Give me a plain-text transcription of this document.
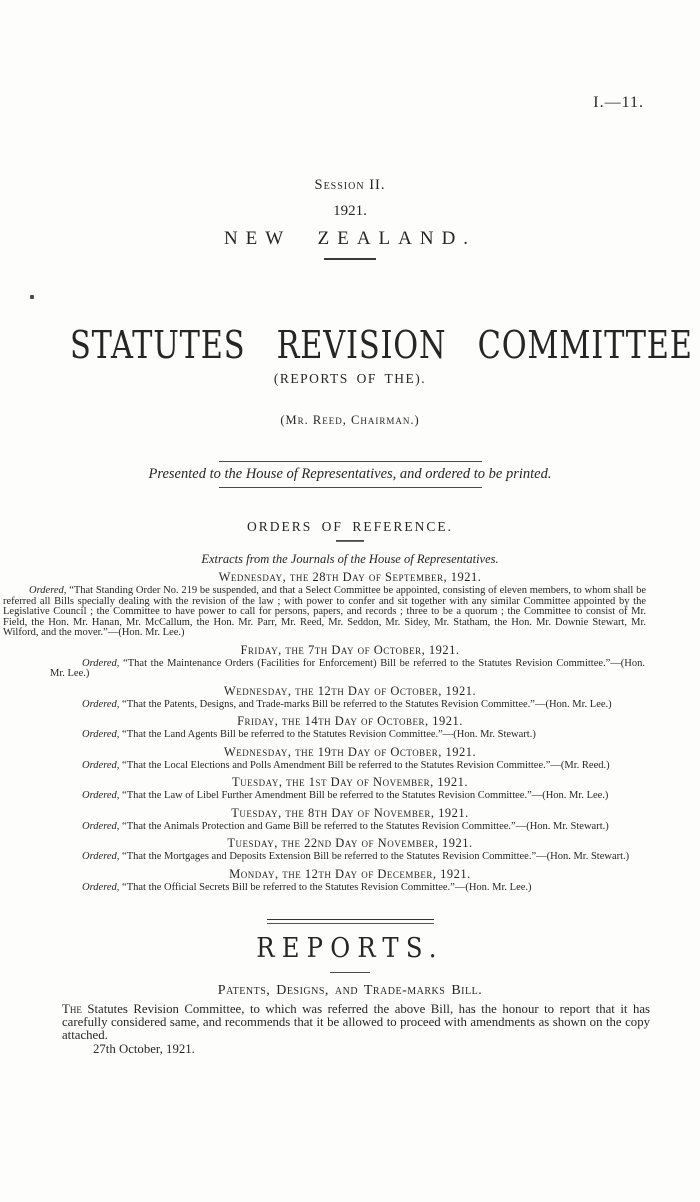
I.—11.
Session II.
1921.
NEW ZEALAND.
STATUTES REVISION COMMITTEE
(REPORTS OF THE).
(Mr. Reed, Chairman.)
Presented to the House of Representatives, and ordered to be printed.
ORDERS OF REFERENCE.
Extracts from the Journals of the House of Representatives.
Wednesday, the 28th Day of September, 1921.

Ordered, “That Standing Order No. 219 be suspended, and that a Select Committee be appointed, consisting of eleven members, to whom shall be referred all Bills specially dealing with the revision of the law ; with power to confer and sit together with any similar Committee appointed by the Legislative Council ; the Committee to have power to call for persons, papers, and records ; three to be a quorum ; the Committee to consist of Mr. Field, the Hon. Mr. Hanan, Mr. McCallum, the Hon. Mr. Parr, Mr. Reed, Mr. Seddon, Mr. Sidey, Mr. Statham, the Hon. Mr. Downie Stewart, Mr. Wilford, and the mover.”—(Hon. Mr. Lee.)

Friday, the 7th Day of October, 1921.

Ordered, “That the Maintenance Orders (Facilities for Enforcement) Bill be referred to the Statutes Revision Committee.”—(Hon. Mr. Lee.)

Wednesday, the 12th Day of October, 1921.

Ordered, “That the Patents, Designs, and Trade-marks Bill be referred to the Statutes Revision Committee.”—(Hon. Mr. Lee.)

Friday, the 14th Day of October, 1921.

Ordered, “That the Land Agents Bill be referred to the Statutes Revision Committee.”—(Hon. Mr. Stewart.)

Wednesday, the 19th Day of October, 1921.

Ordered, “That the Local Elections and Polls Amendment Bill be referred to the Statutes Revision Committee.”—(Mr. Reed.)

Tuesday, the 1st Day of November, 1921.

Ordered, “That the Law of Libel Further Amendment Bill be referred to the Statutes Revision Committee.”—(Hon. Mr. Lee.)

Tuesday, the 8th Day of November, 1921.

Ordered, “That the Animals Protection and Game Bill be referred to the Statutes Revision Committee.”—(Hon. Mr. Stewart.)

Tuesday, the 22nd Day of November, 1921.

Ordered, “That the Mortgages and Deposits Extension Bill be referred to the Statutes Revision Committee.”—(Hon. Mr. Stewart.)

Monday, the 12th Day of December, 1921.

Ordered, “That the Official Secrets Bill be referred to the Statutes Revision Committee.”—(Hon. Mr. Lee.)

REPORTS.
Patents, Designs, and Trade-marks Bill.

The Statutes Revision Committee, to which was referred the above Bill, has the honour to report that it has carefully considered same, and recommends that it be allowed to proceed with amendments as shown on the copy attached.

27th October, 1921.
